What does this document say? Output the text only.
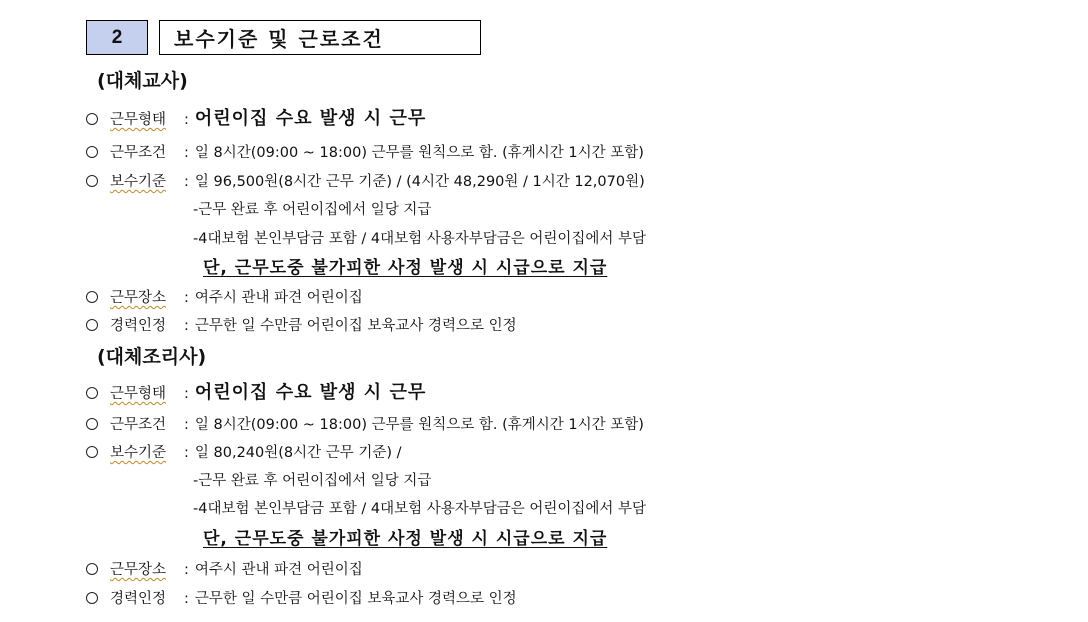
2	보수기준 및 근로조건
(대체교사)
근무형태	: 어린이집 수요 발생 시 근무
근무조건	: 일 8시간(09:00 ~ 18:00) 근무를 원칙으로 함. (휴게시간 1시간 포함)
보수기준	: 일 96,500원(8시간 근무 기준) / (4시간 48,290원 / 1시간 12,070원)
-근무 완료 후 어린이집에서 일당 지급
-4대보험 본인부담금 포함 / 4대보험 사용자부담금은 어린이집에서 부담
단, 근무도중 불가피한 사정 발생 시 시급으로 지급
근무장소	: 여주시 관내 파견 어린이집
경력인정	: 근무한 일 수만큼 어린이집 보육교사 경력으로 인정
(대체조리사)
근무형태	: 어린이집 수요 발생 시 근무
근무조건	: 일 8시간(09:00 ~ 18:00) 근무를 원칙으로 함. (휴게시간 1시간 포함)
보수기준	: 일 80,240원(8시간 근무 기준) /
-근무 완료 후 어린이집에서 일당 지급
-4대보험 본인부담금 포함 / 4대보험 사용자부담금은 어린이집에서 부담
단, 근무도중 불가피한 사정 발생 시 시급으로 지급
근무장소	: 여주시 관내 파견 어린이집
경력인정	: 근무한 일 수만큼 어린이집 보육교사 경력으로 인정
